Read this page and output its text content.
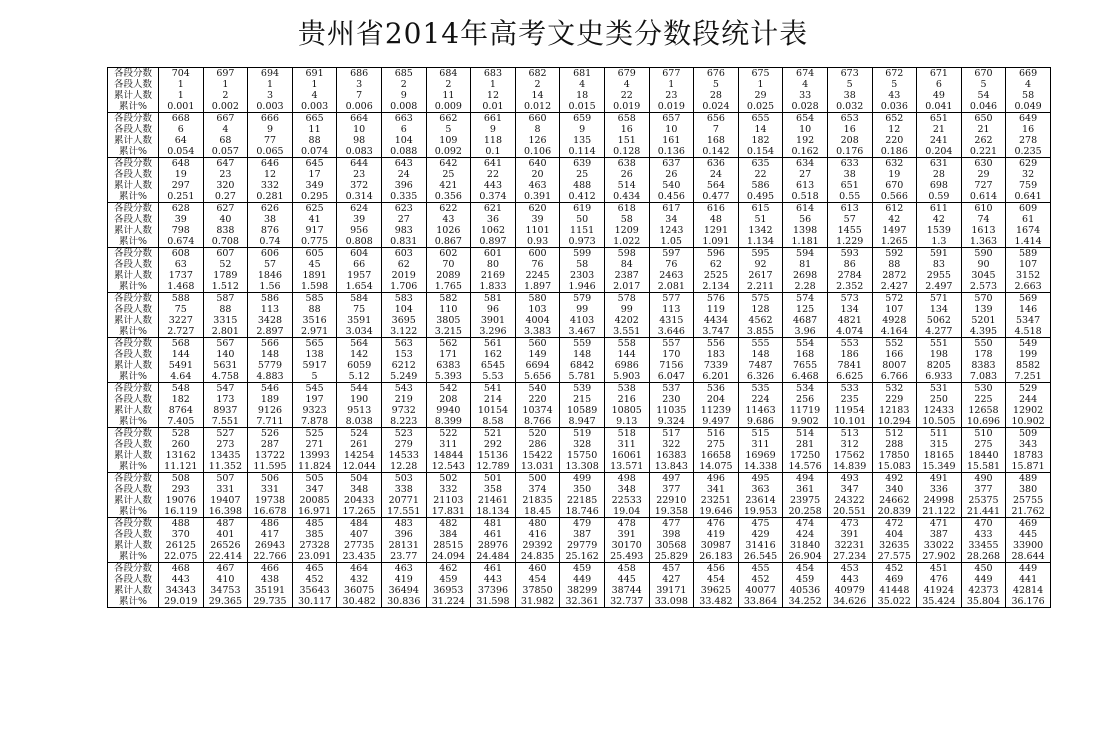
贵州省2014年高考文史类分数段统计表
各段分数	704	697	694	691	686	685	684	683	682	681	679	677	676	675	674	673	672	671	670	669
各段人数	1	1	1	1	3	2	2	1	2	4	4	1	5	1	4	5	5	6	5	4
累计人数	1	2	3	4	7	9	11	12	14	18	22	23	28	29	33	38	43	49	54	58
累计%	0.001	0.002	0.003	0.003	0.006	0.008	0.009	0.01	0.012	0.015	0.019	0.019	0.024	0.025	0.028	0.032	0.036	0.041	0.046	0.049
各段分数	668	667	666	665	664	663	662	661	660	659	658	657	656	655	654	653	652	651	650	649
各段人数	6	4	9	11	10	6	5	9	8	9	16	10	7	14	10	16	12	21	21	16
累计人数	64	68	77	88	98	104	109	118	126	135	151	161	168	182	192	208	220	241	262	278
累计%	0.054	0.057	0.065	0.074	0.083	0.088	0.092	0.1	0.106	0.114	0.128	0.136	0.142	0.154	0.162	0.176	0.186	0.204	0.221	0.235
各段分数	648	647	646	645	644	643	642	641	640	639	638	637	636	635	634	633	632	631	630	629
各段人数	19	23	12	17	23	24	25	22	20	25	26	26	24	22	27	38	19	28	29	32
累计人数	297	320	332	349	372	396	421	443	463	488	514	540	564	586	613	651	670	698	727	759
累计%	0.251	0.27	0.281	0.295	0.314	0.335	0.356	0.374	0.391	0.412	0.434	0.456	0.477	0.495	0.518	0.55	0.566	0.59	0.614	0.641
各段分数	628	627	626	625	624	623	622	621	620	619	618	617	616	615	614	613	612	611	610	609
各段人数	39	40	38	41	39	27	43	36	39	50	58	34	48	51	56	57	42	42	74	61
累计人数	798	838	876	917	956	983	1026	1062	1101	1151	1209	1243	1291	1342	1398	1455	1497	1539	1613	1674
累计%	0.674	0.708	0.74	0.775	0.808	0.831	0.867	0.897	0.93	0.973	1.022	1.05	1.091	1.134	1.181	1.229	1.265	1.3	1.363	1.414
各段分数	608	607	606	605	604	603	602	601	600	599	598	597	596	595	594	593	592	591	590	589
各段人数	63	52	57	45	66	62	70	80	76	58	84	76	62	92	81	86	88	83	90	107
累计人数	1737	1789	1846	1891	1957	2019	2089	2169	2245	2303	2387	2463	2525	2617	2698	2784	2872	2955	3045	3152
累计%	1.468	1.512	1.56	1.598	1.654	1.706	1.765	1.833	1.897	1.946	2.017	2.081	2.134	2.211	2.28	2.352	2.427	2.497	2.573	2.663
各段分数	588	587	586	585	584	583	582	581	580	579	578	577	576	575	574	573	572	571	570	569
各段人数	75	88	113	88	75	104	110	96	103	99	99	113	119	128	125	134	107	134	139	146
累计人数	3227	3315	3428	3516	3591	3695	3805	3901	4004	4103	4202	4315	4434	4562	4687	4821	4928	5062	5201	5347
累计%	2.727	2.801	2.897	2.971	3.034	3.122	3.215	3.296	3.383	3.467	3.551	3.646	3.747	3.855	3.96	4.074	4.164	4.277	4.395	4.518
各段分数	568	567	566	565	564	563	562	561	560	559	558	557	556	555	554	553	552	551	550	549
各段人数	144	140	148	138	142	153	171	162	149	148	144	170	183	148	168	186	166	198	178	199
累计人数	5491	5631	5779	5917	6059	6212	6383	6545	6694	6842	6986	7156	7339	7487	7655	7841	8007	8205	8383	8582
累计%	4.64	4.758	4.883	5	5.12	5.249	5.393	5.53	5.656	5.781	5.903	6.047	6.201	6.326	6.468	6.625	6.766	6.933	7.083	7.251
各段分数	548	547	546	545	544	543	542	541	540	539	538	537	536	535	534	533	532	531	530	529
各段人数	182	173	189	197	190	219	208	214	220	215	216	230	204	224	256	235	229	250	225	244
累计人数	8764	8937	9126	9323	9513	9732	9940	10154	10374	10589	10805	11035	11239	11463	11719	11954	12183	12433	12658	12902
累计%	7.405	7.551	7.711	7.878	8.038	8.223	8.399	8.58	8.766	8.947	9.13	9.324	9.497	9.686	9.902	10.101	10.294	10.505	10.696	10.902
各段分数	528	527	526	525	524	523	522	521	520	519	518	517	516	515	514	513	512	511	510	509
各段人数	260	273	287	271	261	279	311	292	286	328	311	322	275	311	281	312	288	315	275	343
累计人数	13162	13435	13722	13993	14254	14533	14844	15136	15422	15750	16061	16383	16658	16969	17250	17562	17850	18165	18440	18783
累计%	11.121	11.352	11.595	11.824	12.044	12.28	12.543	12.789	13.031	13.308	13.571	13.843	14.075	14.338	14.576	14.839	15.083	15.349	15.581	15.871
各段分数	508	507	506	505	504	503	502	501	500	499	498	497	496	495	494	493	492	491	490	489
各段人数	293	331	331	347	348	338	332	358	374	350	348	377	341	363	361	347	340	336	377	380
累计人数	19076	19407	19738	20085	20433	20771	21103	21461	21835	22185	22533	22910	23251	23614	23975	24322	24662	24998	25375	25755
累计%	16.119	16.398	16.678	16.971	17.265	17.551	17.831	18.134	18.45	18.746	19.04	19.358	19.646	19.953	20.258	20.551	20.839	21.122	21.441	21.762
各段分数	488	487	486	485	484	483	482	481	480	479	478	477	476	475	474	473	472	471	470	469
各段人数	370	401	417	385	407	396	384	461	416	387	391	398	419	429	424	391	404	387	433	445
累计人数	26125	26526	26943	27328	27735	28131	28515	28976	29392	29779	30170	30568	30987	31416	31840	32231	32635	33022	33455	33900
累计%	22.075	22.414	22.766	23.091	23.435	23.77	24.094	24.484	24.835	25.162	25.493	25.829	26.183	26.545	26.904	27.234	27.575	27.902	28.268	28.644
各段分数	468	467	466	465	464	463	462	461	460	459	458	457	456	455	454	453	452	451	450	449
各段人数	443	410	438	452	432	419	459	443	454	449	445	427	454	452	459	443	469	476	449	441
累计人数	34343	34753	35191	35643	36075	36494	36953	37396	37850	38299	38744	39171	39625	40077	40536	40979	41448	41924	42373	42814
累计%	29.019	29.365	29.735	30.117	30.482	30.836	31.224	31.598	31.982	32.361	32.737	33.098	33.482	33.864	34.252	34.626	35.022	35.424	35.804	36.176
